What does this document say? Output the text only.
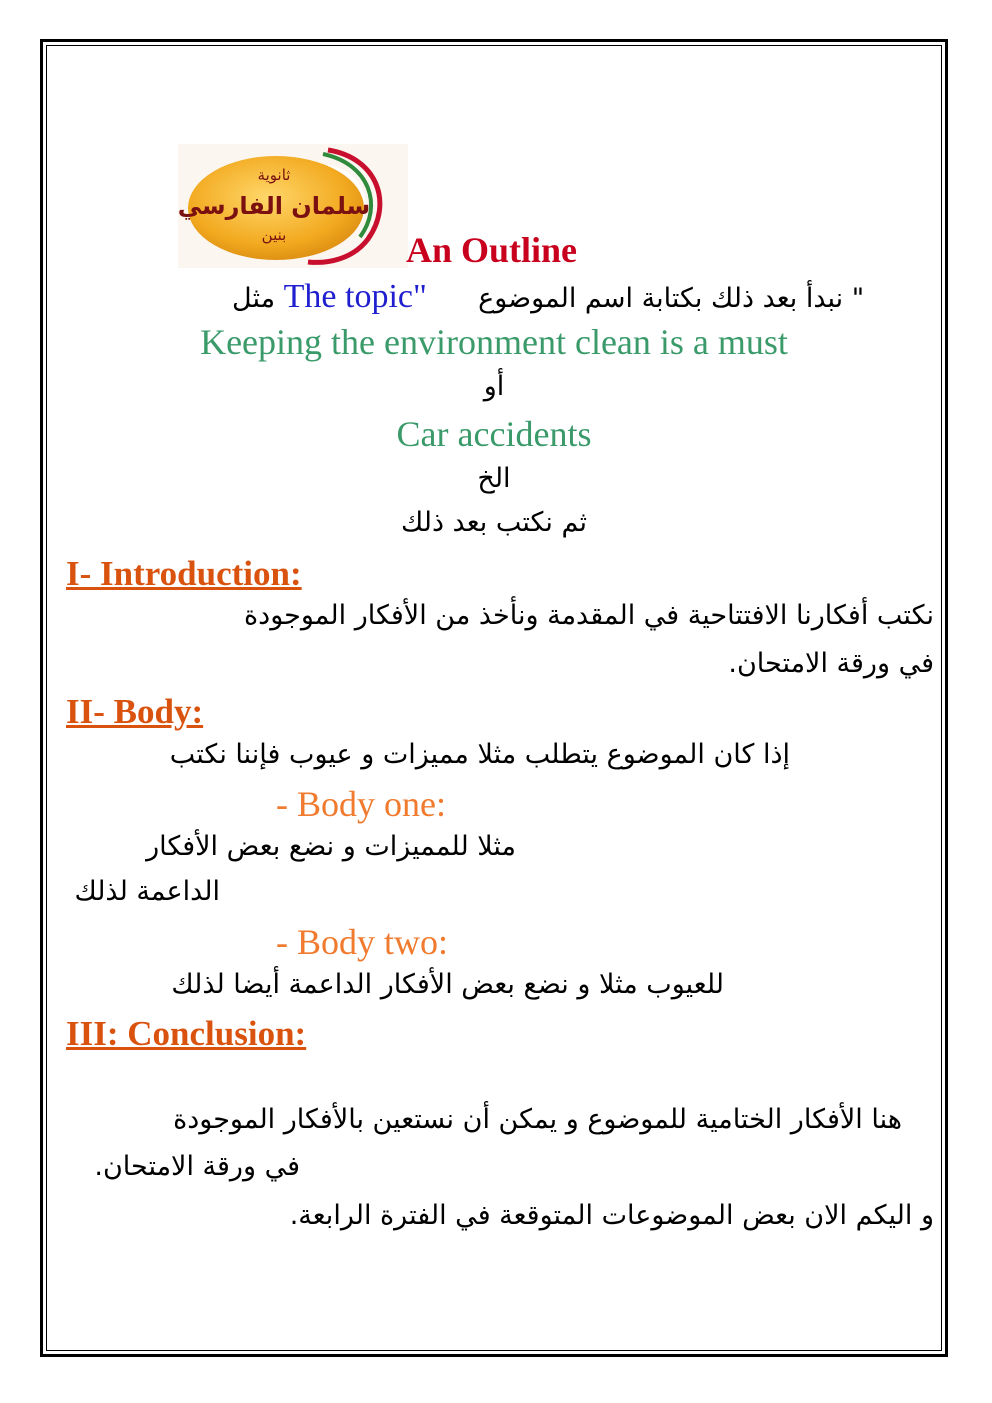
ثانوية
سلمان الفارسي
بنين	An Outline
مثل The topic" نبدأ بعد ذلك بكتابة اسم الموضوع "
Keeping the environment clean is a must
أو
Car accidents
الخ
ثم نكتب بعد ذلك
I- Introduction:
نكتب أفكارنا الافتتاحية في المقدمة ونأخذ من الأفكار الموجودة
في ورقة الامتحان.
II- Body:
إذا كان الموضوع يتطلب مثلا مميزات و عيوب فإننا نكتب
- Body one:
مثلا للمميزات و نضع بعض الأفكار
الداعمة لذلك
- Body two:
للعيوب مثلا و نضع بعض الأفكار الداعمة أيضا لذلك
III: Conclusion:
هنا الأفكار الختامية للموضوع و يمكن أن نستعين بالأفكار الموجودة
في ورقة الامتحان.
و اليكم الان بعض الموضوعات المتوقعة في الفترة الرابعة.
